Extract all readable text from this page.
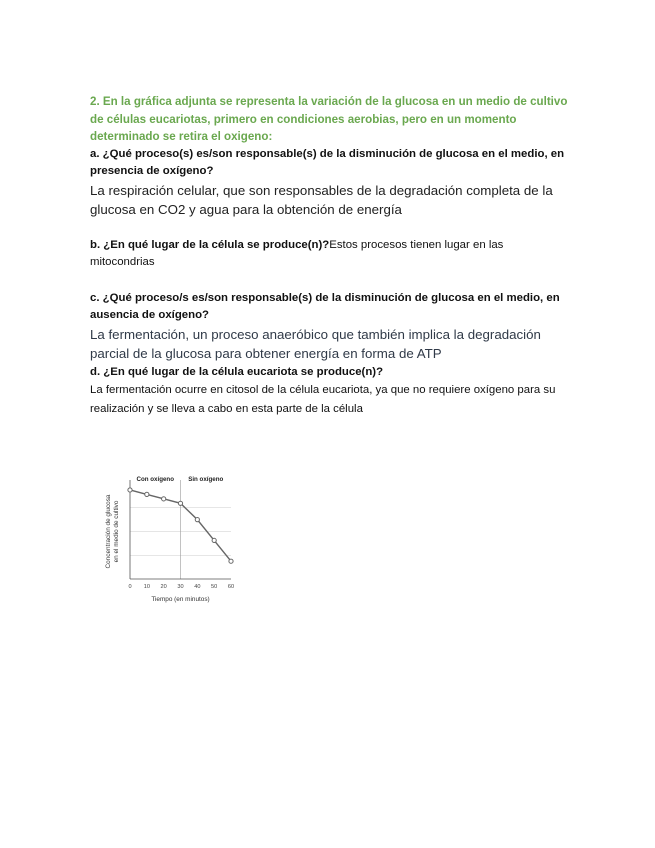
2. En la gráfica adjunta se representa la variación de la glucosa en un medio de cultivo de células eucariotas, primero en condiciones aerobias, pero en un momento determinado se retira el oxigeno:

a. ¿Qué proceso(s) es/son responsable(s) de la disminución de glucosa en el medio, en presencia de oxígeno?

La respiración celular, que son responsables de la degradación completa de la glucosa en CO2 y agua para la obtención de energía

b. ¿En qué lugar de la célula se produce(n)?Estos procesos tienen lugar en las mitocondrias

c. ¿Qué proceso/s es/son responsable(s) de la disminución de glucosa en el medio, en ausencia de oxígeno?

La fermentación, un proceso anaeróbico que también implica la degradación parcial de la glucosa para obtener energía en forma de ATP

d. ¿En qué lugar de la célula eucariota se produce(n)?

La fermentación ocurre en citosol de la célula eucariota, ya que no requiere oxígeno para su realización y se lleva a cabo en esta parte de la célula

Con oxígeno Sin oxígeno
0 10 20 30 40 50 60
Tiempo (en minutos)
Concentración de glucosa en el medio de cultivo
